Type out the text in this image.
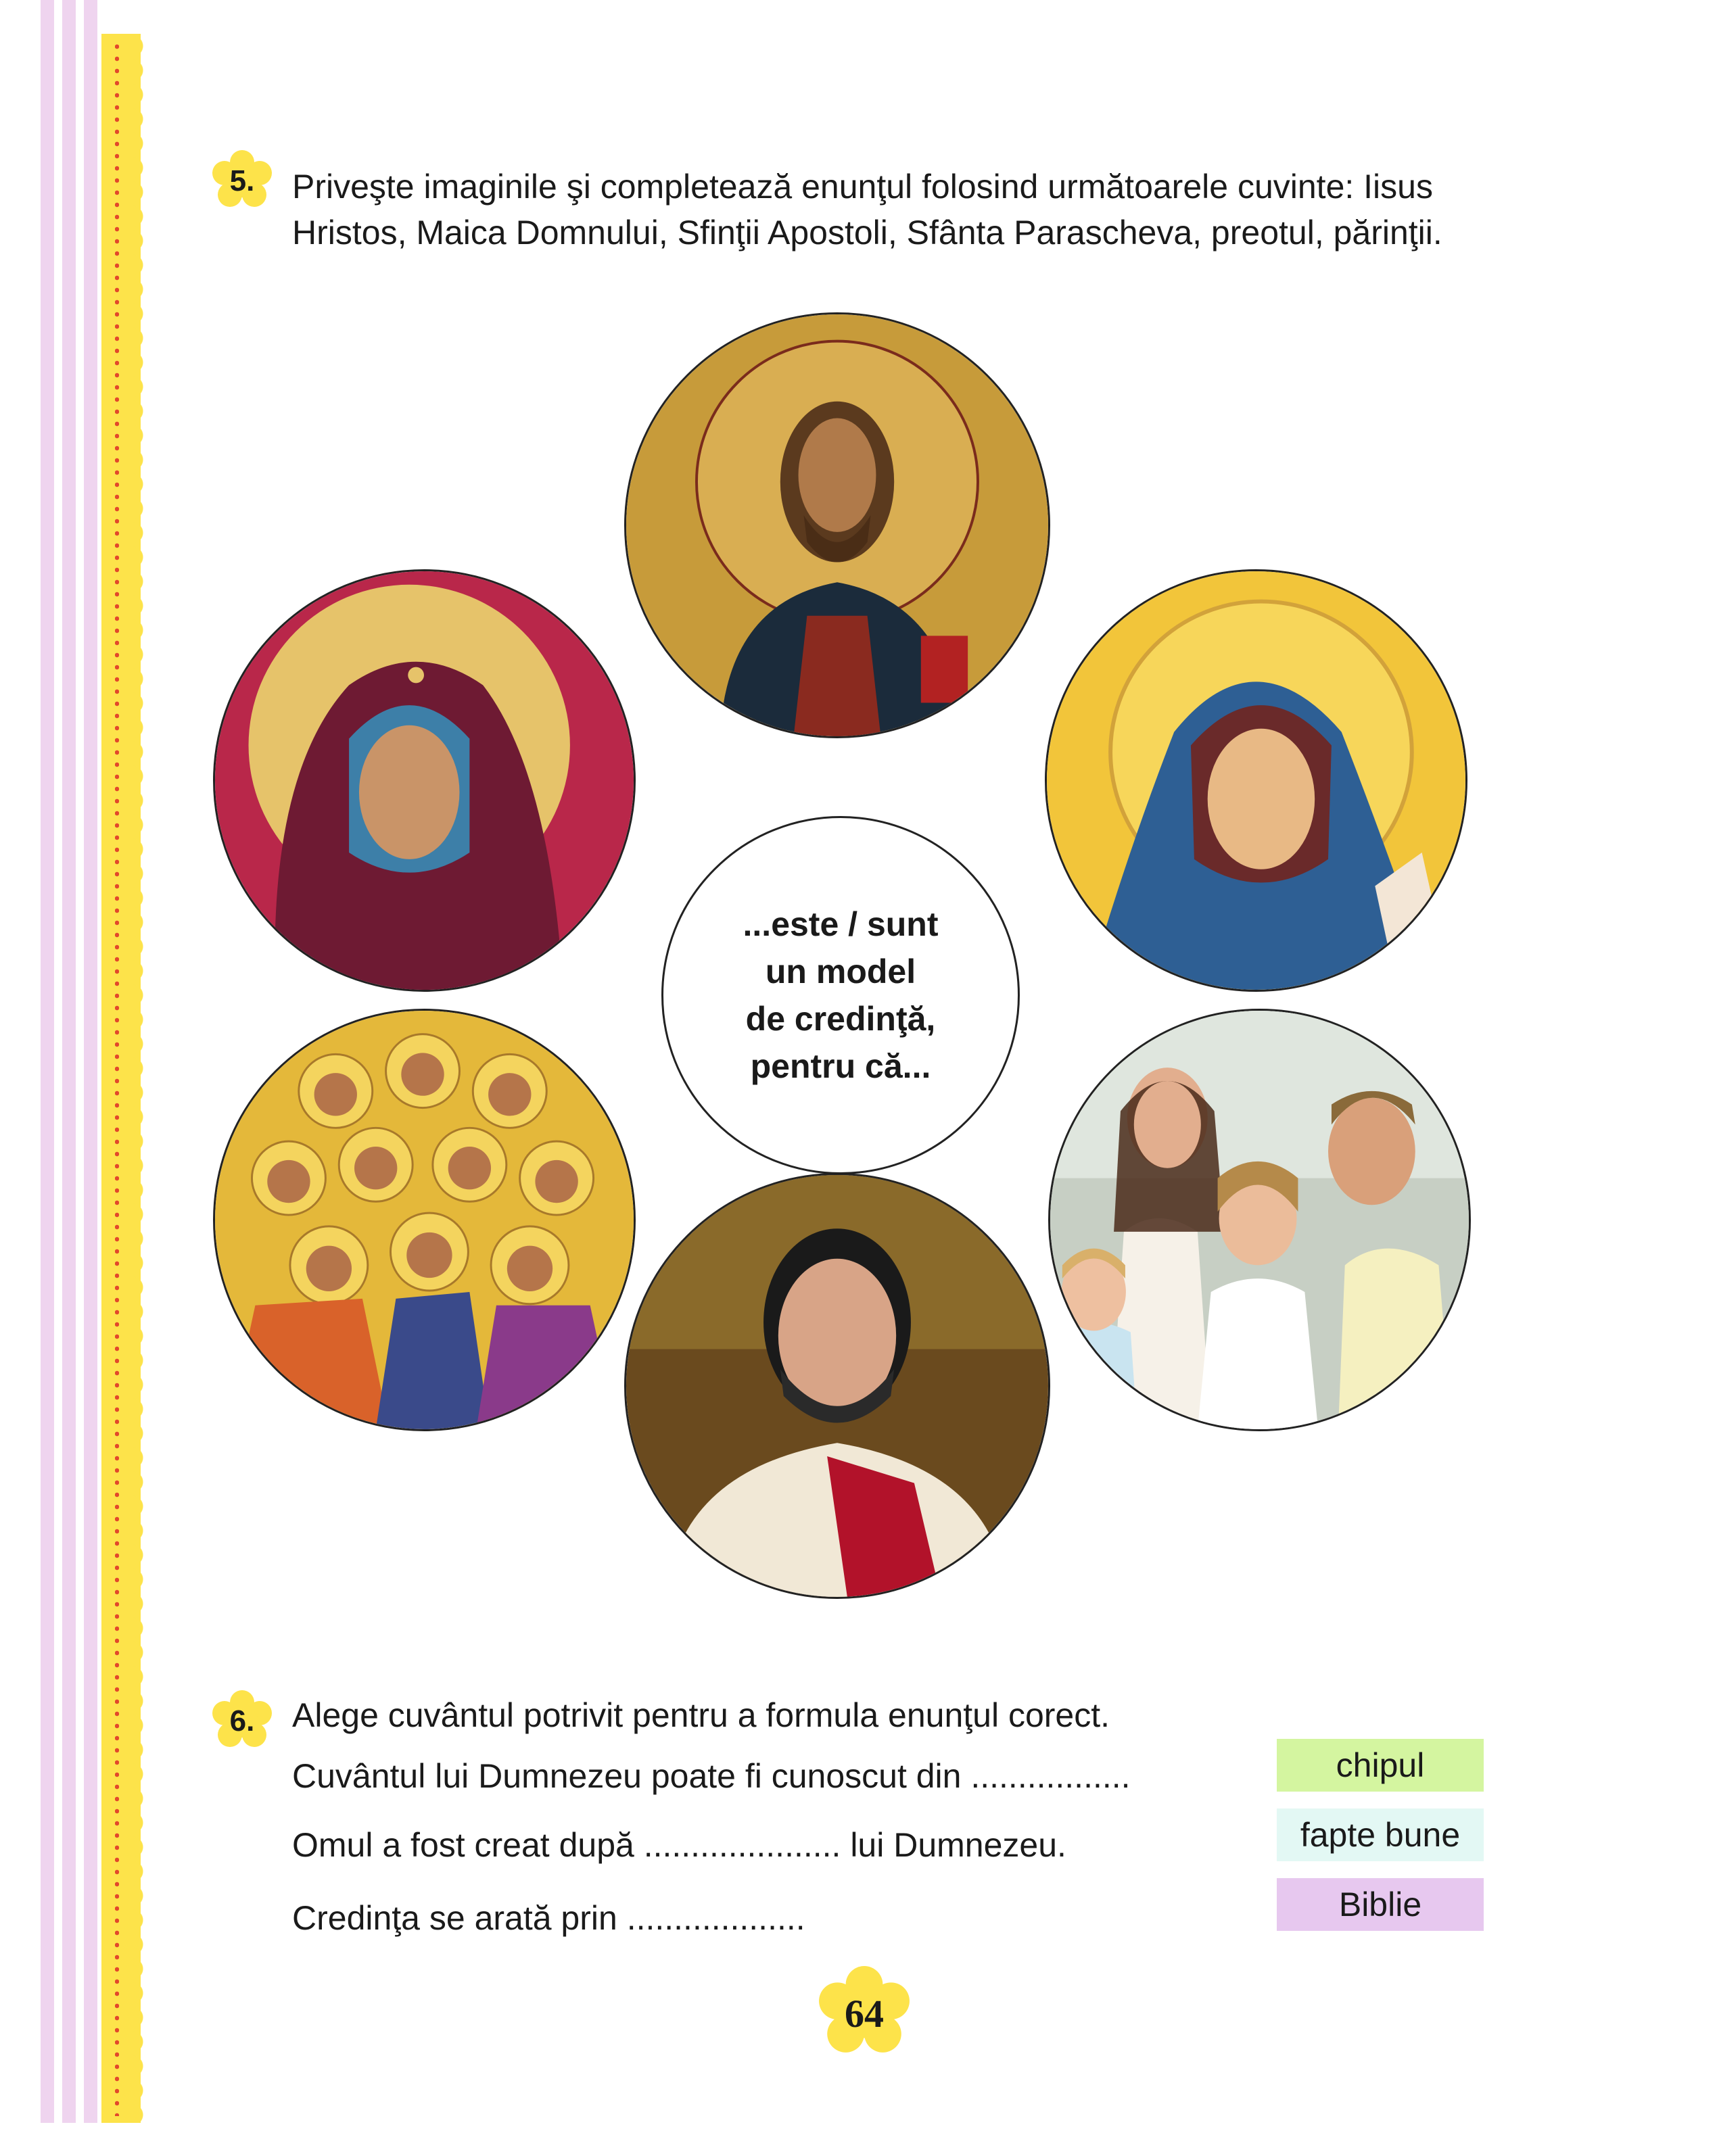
5.	Priveşte imaginile şi completează enunţul folosind următoarele cuvinte: Iisus Hristos, Maica Domnului, Sfinţii Apostoli, Sfânta Parascheva, preotul, părinţii.
...este / sunt
un model
de credinţă,
pentru că...
6.	Alege cuvântul potrivit pentru a formula enunţul corect.
Cuvântul lui Dumnezeu poate fi cunoscut din .................
Omul a fost creat după ..................... lui Dumnezeu.
Credinţa se arată prin ...................
chipul
fapte bune
Biblie
64
